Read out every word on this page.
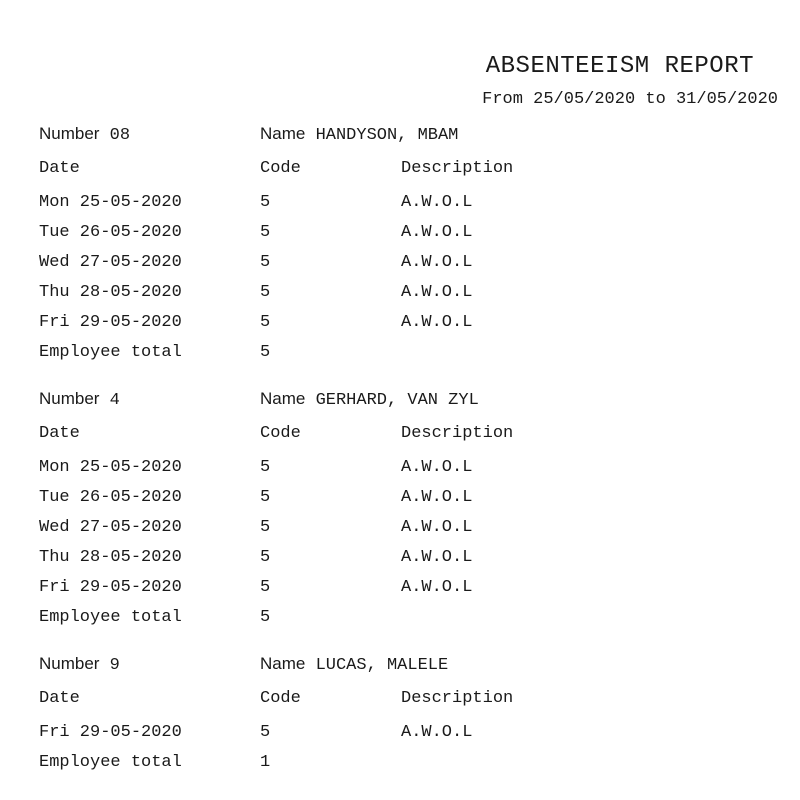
ABSENTEEISM REPORT
From 25/05/2020 to 31/05/2020
Number 08	Name HANDYSON, MBAM
Date	Code	Description
Mon 25-05-2020	5	A.W.O.L
Tue 26-05-2020	5	A.W.O.L
Wed 27-05-2020	5	A.W.O.L
Thu 28-05-2020	5	A.W.O.L
Fri 29-05-2020	5	A.W.O.L
Employee total	5
Number 4	Name GERHARD, VAN ZYL
Date	Code	Description
Mon 25-05-2020	5	A.W.O.L
Tue 26-05-2020	5	A.W.O.L
Wed 27-05-2020	5	A.W.O.L
Thu 28-05-2020	5	A.W.O.L
Fri 29-05-2020	5	A.W.O.L
Employee total	5
Number 9	Name LUCAS, MALELE
Date	Code	Description
Fri 29-05-2020	5	A.W.O.L
Employee total	1
